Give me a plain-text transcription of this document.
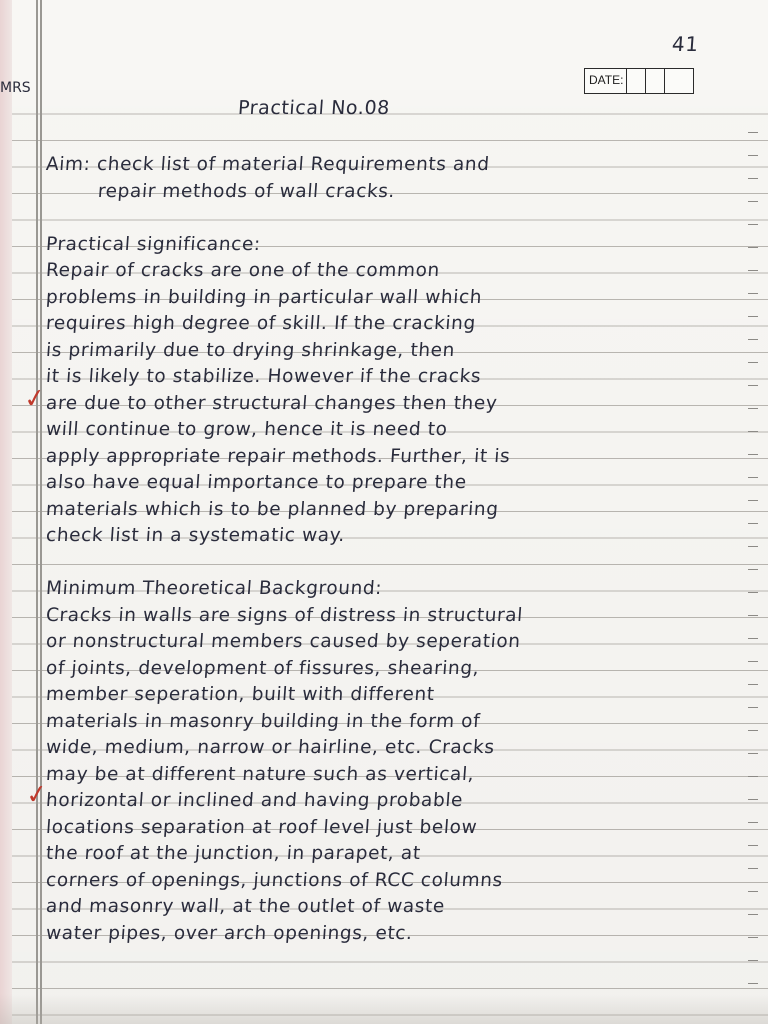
41
MRS	DATE:
Practical No.08
Aim: check list of material Requirements and
repair methods of wall cracks.
Practical significance:
Repair of cracks are one of the common
problems in building in particular wall which
requires high degree of skill. If the cracking
is primarily due to drying shrinkage, then
it is likely to stabilize. However if the cracks
are due to other structural changes then they
will continue to grow, hence it is need to
apply appropriate repair methods. Further, it is
also have equal importance to prepare the
materials which is to be planned by preparing
check list in a systematic way.
Minimum Theoretical Background:
Cracks in walls are signs of distress in structural
or nonstructural members caused by seperation
of joints, development of fissures, shearing,
member seperation, built with different
materials in masonry building in the form of
wide, medium, narrow or hairline, etc. Cracks
may be at different nature such as vertical,
horizontal or inclined and having probable
locations separation at roof level just below
the roof at the junction, in parapet, at
corners of openings, junctions of RCC columns
and masonry wall, at the outlet of waste
water pipes, over arch openings, etc.
✓
✓
